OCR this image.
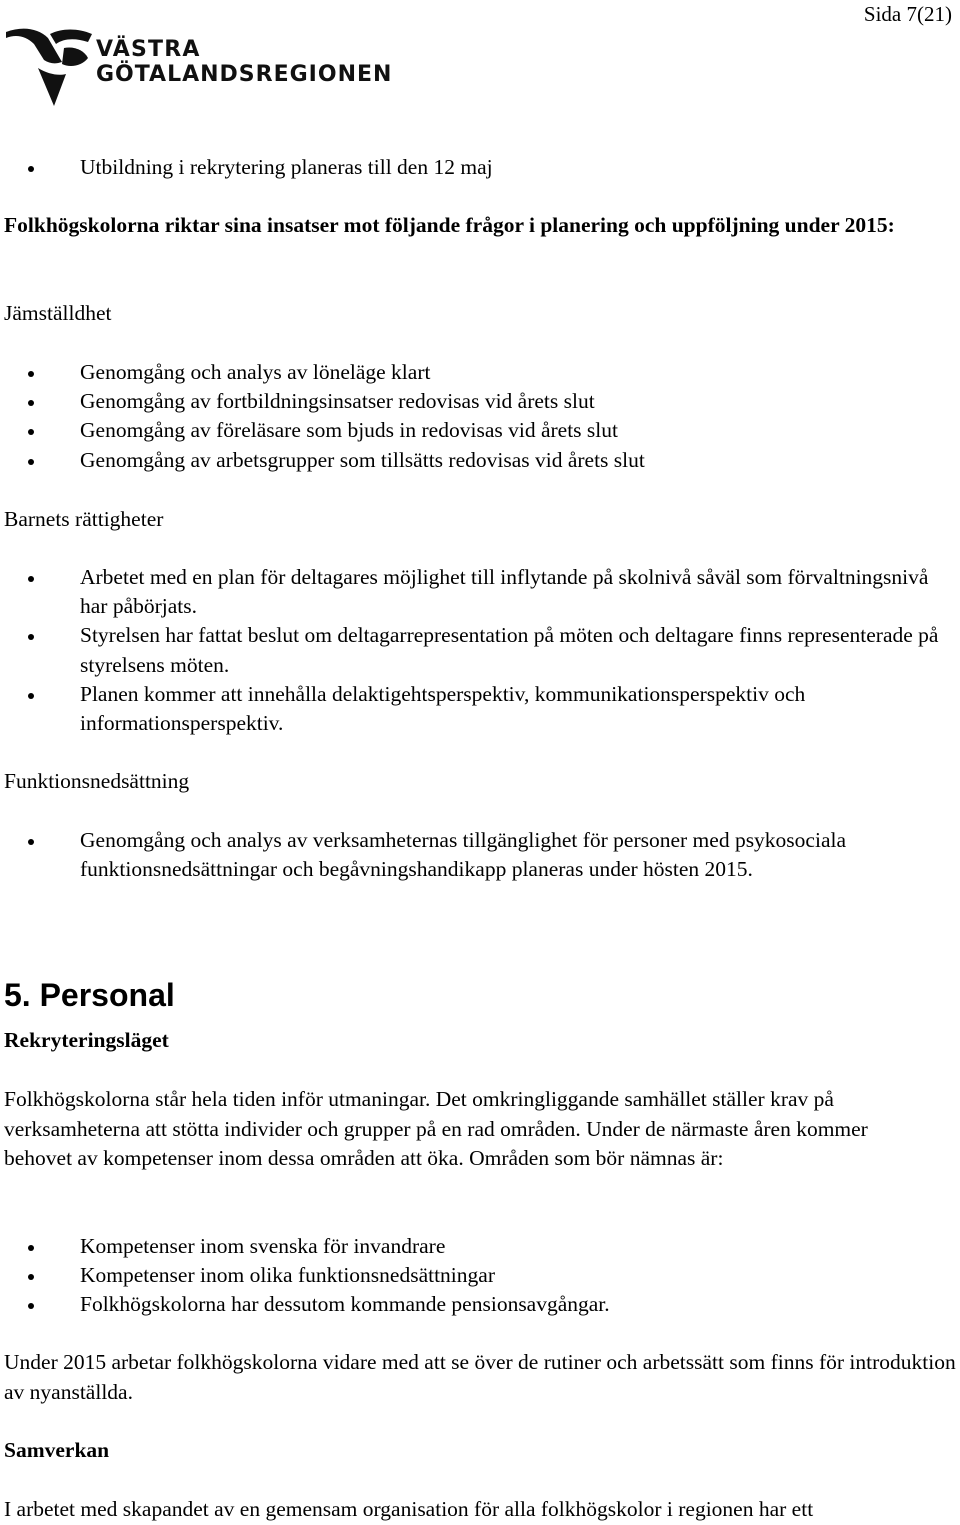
VÄSTRA
GÖTALANDSREGIONEN
Sida 7(21)
Utbildning i rekrytering planeras till den 12 maj
Folkhögskolorna riktar sina insatser mot följande frågor i planering och uppföljning under 2015:
Jämställdhet
Genomgång och analys av löneläge klart
Genomgång av fortbildningsinsatser redovisas vid årets slut
Genomgång av föreläsare som bjuds in redovisas vid årets slut
Genomgång av arbetsgrupper som tillsätts redovisas vid årets slut
Barnets rättigheter
Arbetet med en plan för deltagares möjlighet till inflytande på skolnivå såväl som förvaltningsnivå har påbörjats.
Styrelsen har fattat beslut om deltagarrepresentation på möten och deltagare finns representerade på styrelsens möten.
Planen kommer att innehålla delaktigehtsperspektiv, kommunikationsperspektiv och informationsperspektiv.
Funktionsnedsättning
Genomgång och analys av verksamheternas tillgänglighet för personer med psykosociala funktionsnedsättningar och begåvningshandikapp planeras under hösten 2015.
5. Personal
Rekryteringsläget
Folkhögskolorna står hela tiden inför utmaningar. Det omkringliggande samhället ställer krav på verksamheterna att stötta individer och grupper på en rad områden. Under de närmaste åren kommer behovet av kompetenser inom dessa områden att öka. Områden som bör nämnas är:
Kompetenser inom svenska för invandrare
Kompetenser inom olika funktionsnedsättningar
Folkhögskolorna har dessutom kommande pensionsavgångar.
Under 2015 arbetar folkhögskolorna vidare med att se över de rutiner och arbetssätt som finns för introduktion av nyanställda.
Samverkan
I arbetet med skapandet av en gemensam organisation för alla folkhögskolor i regionen har ett
